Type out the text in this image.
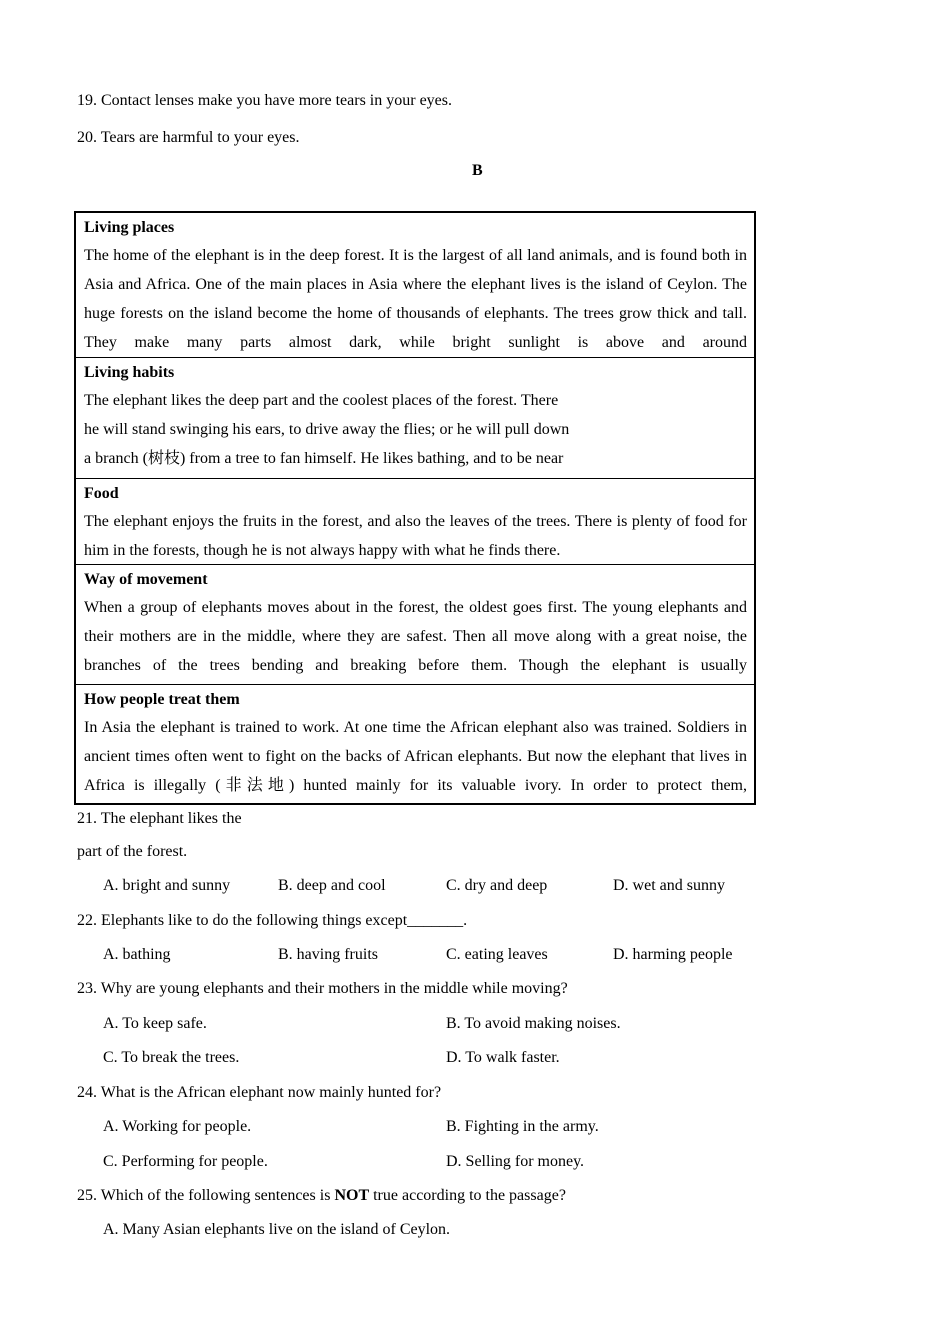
19. Contact lenses make you have more tears in your eyes.
20. Tears are harmful to your eyes.
B
Living places

The home of the elephant is in the deep forest. It is the largest of all land animals, and is found both in Asia and Africa. One of the main places in Asia where the elephant lives is the island of Ceylon. The huge forests on the island become the home of thousands of elephants. The trees grow thick and tall. They make many parts almost dark, while bright sunlight is above and around

Living habits

The elephant likes the deep part and the coolest places of the forest. There

he will stand swinging his ears, to drive away the flies; or he will pull down

a branch (树枝) from a tree to fan himself. He likes bathing, and to be near

Food

The elephant enjoys the fruits in the forest, and also the leaves of the trees. There is plenty of food for him in the forests, though he is not always happy with what he finds there.

Way of movement

When a group of elephants moves about in the forest, the oldest goes first. The young elephants and their mothers are in the middle, where they are safest. Then all move along with a great noise, the branches of the trees bending and breaking before them. Though the elephant is usually

How people treat them

In Asia the elephant is trained to work. At one time the African elephant also was trained. Soldiers in ancient times often went to fight on the backs of African elephants. But now the elephant that lives in Africa is illegally (非法地) hunted mainly for its valuable ivory. In order to protect them,

21. The elephant likes the
part of the forest.
A. bright and sunny	B. deep and cool	C. dry and deep	D. wet and sunny
22. Elephants like to do the following things except_______.
A. bathing	B. having fruits	C. eating leaves	D. harming people
23. Why are young elephants and their mothers in the middle while moving?
A. To keep safe.	B. To avoid making noises.
C. To break the trees.	D. To walk faster.
24. What is the African elephant now mainly hunted for?
A. Working for people.	B. Fighting in the army.
C. Performing for people.	D. Selling for money.
25. Which of the following sentences is NOT true according to the passage?
A. Many Asian elephants live on the island of Ceylon.
